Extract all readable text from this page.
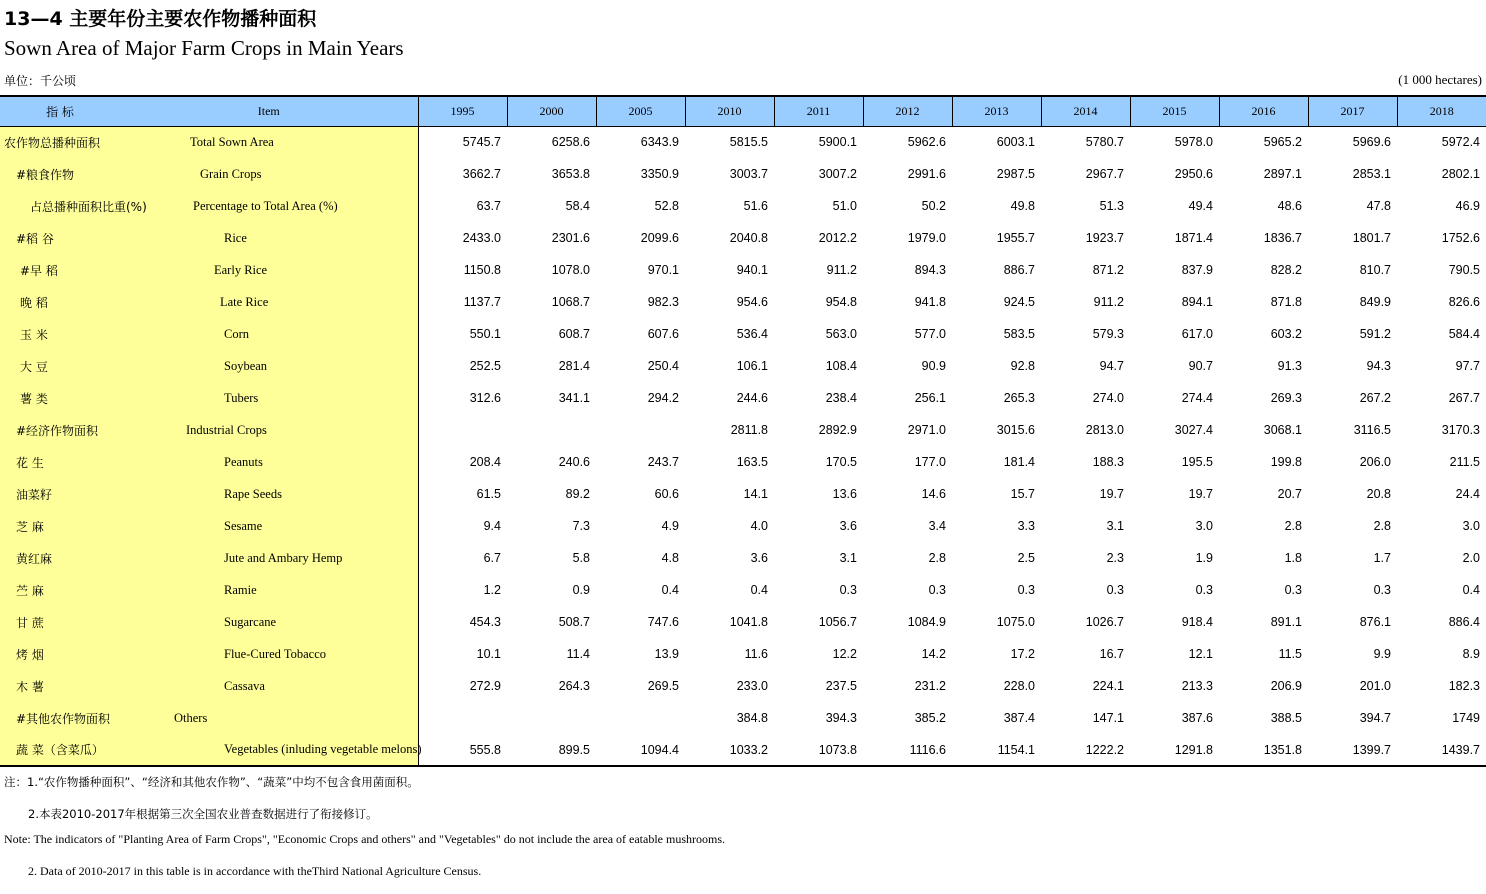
13—4 主要年份主要农作物播种面积
Sown Area of Major Farm Crops in Main Years
单位：千公顷	(1 000 hectares)
指 标	Item	1995	2000	2005	2010	2011	2012	2013	2014	2015	2016	2017	2018
农作物总播种面积	Total Sown Area	5745.7	6258.6	6343.9	5815.5	5900.1	5962.6	6003.1	5780.7	5978.0	5965.2	5969.6	5972.4
#粮食作物	Grain Crops	3662.7	3653.8	3350.9	3003.7	3007.2	2991.6	2987.5	2967.7	2950.6	2897.1	2853.1	2802.1
占总播种面积比重(%)	Percentage to Total Area (%)	63.7	58.4	52.8	51.6	51.0	50.2	49.8	51.3	49.4	48.6	47.8	46.9
#稻 谷	Rice	2433.0	2301.6	2099.6	2040.8	2012.2	1979.0	1955.7	1923.7	1871.4	1836.7	1801.7	1752.6
#早 稻	Early Rice	1150.8	1078.0	970.1	940.1	911.2	894.3	886.7	871.2	837.9	828.2	810.7	790.5
晚 稻	Late Rice	1137.7	1068.7	982.3	954.6	954.8	941.8	924.5	911.2	894.1	871.8	849.9	826.6
玉 米	Corn	550.1	608.7	607.6	536.4	563.0	577.0	583.5	579.3	617.0	603.2	591.2	584.4
大 豆	Soybean	252.5	281.4	250.4	106.1	108.4	90.9	92.8	94.7	90.7	91.3	94.3	97.7
薯 类	Tubers	312.6	341.1	294.2	244.6	238.4	256.1	265.3	274.0	274.4	269.3	267.2	267.7
#经济作物面积	Industrial Crops				2811.8	2892.9	2971.0	3015.6	2813.0	3027.4	3068.1	3116.5	3170.3
花 生	Peanuts	208.4	240.6	243.7	163.5	170.5	177.0	181.4	188.3	195.5	199.8	206.0	211.5
油菜籽	Rape Seeds	61.5	89.2	60.6	14.1	13.6	14.6	15.7	19.7	19.7	20.7	20.8	24.4
芝 麻	Sesame	9.4	7.3	4.9	4.0	3.6	3.4	3.3	3.1	3.0	2.8	2.8	3.0
黄红麻	Jute and Ambary Hemp	6.7	5.8	4.8	3.6	3.1	2.8	2.5	2.3	1.9	1.8	1.7	2.0
苎 麻	Ramie	1.2	0.9	0.4	0.4	0.3	0.3	0.3	0.3	0.3	0.3	0.3	0.4
甘 蔗	Sugarcane	454.3	508.7	747.6	1041.8	1056.7	1084.9	1075.0	1026.7	918.4	891.1	876.1	886.4
烤 烟	Flue-Cured Tobacco	10.1	11.4	13.9	11.6	12.2	14.2	17.2	16.7	12.1	11.5	9.9	8.9
木 薯	Cassava	272.9	264.3	269.5	233.0	237.5	231.2	228.0	224.1	213.3	206.9	201.0	182.3
#其他农作物面积	Others				384.8	394.3	385.2	387.4	147.1	387.6	388.5	394.7	1749
蔬 菜（含菜瓜）	Vegetables (inluding vegetable melons)	555.8	899.5	1094.4	1033.2	1073.8	1116.6	1154.1	1222.2	1291.8	1351.8	1399.7	1439.7
注：1.“农作物播种面积”、“经济和其他农作物”、“蔬菜”中均不包含食用菌面积。
2.本表2010-2017年根据第三次全国农业普查数据进行了衔接修订。
Note: The indicators of "Planting Area of Farm Crops", "Economic Crops and others" and "Vegetables" do not include the area of eatable mushrooms.
2. Data of 2010-2017 in this table is in accordance with theThird National Agriculture Census.
